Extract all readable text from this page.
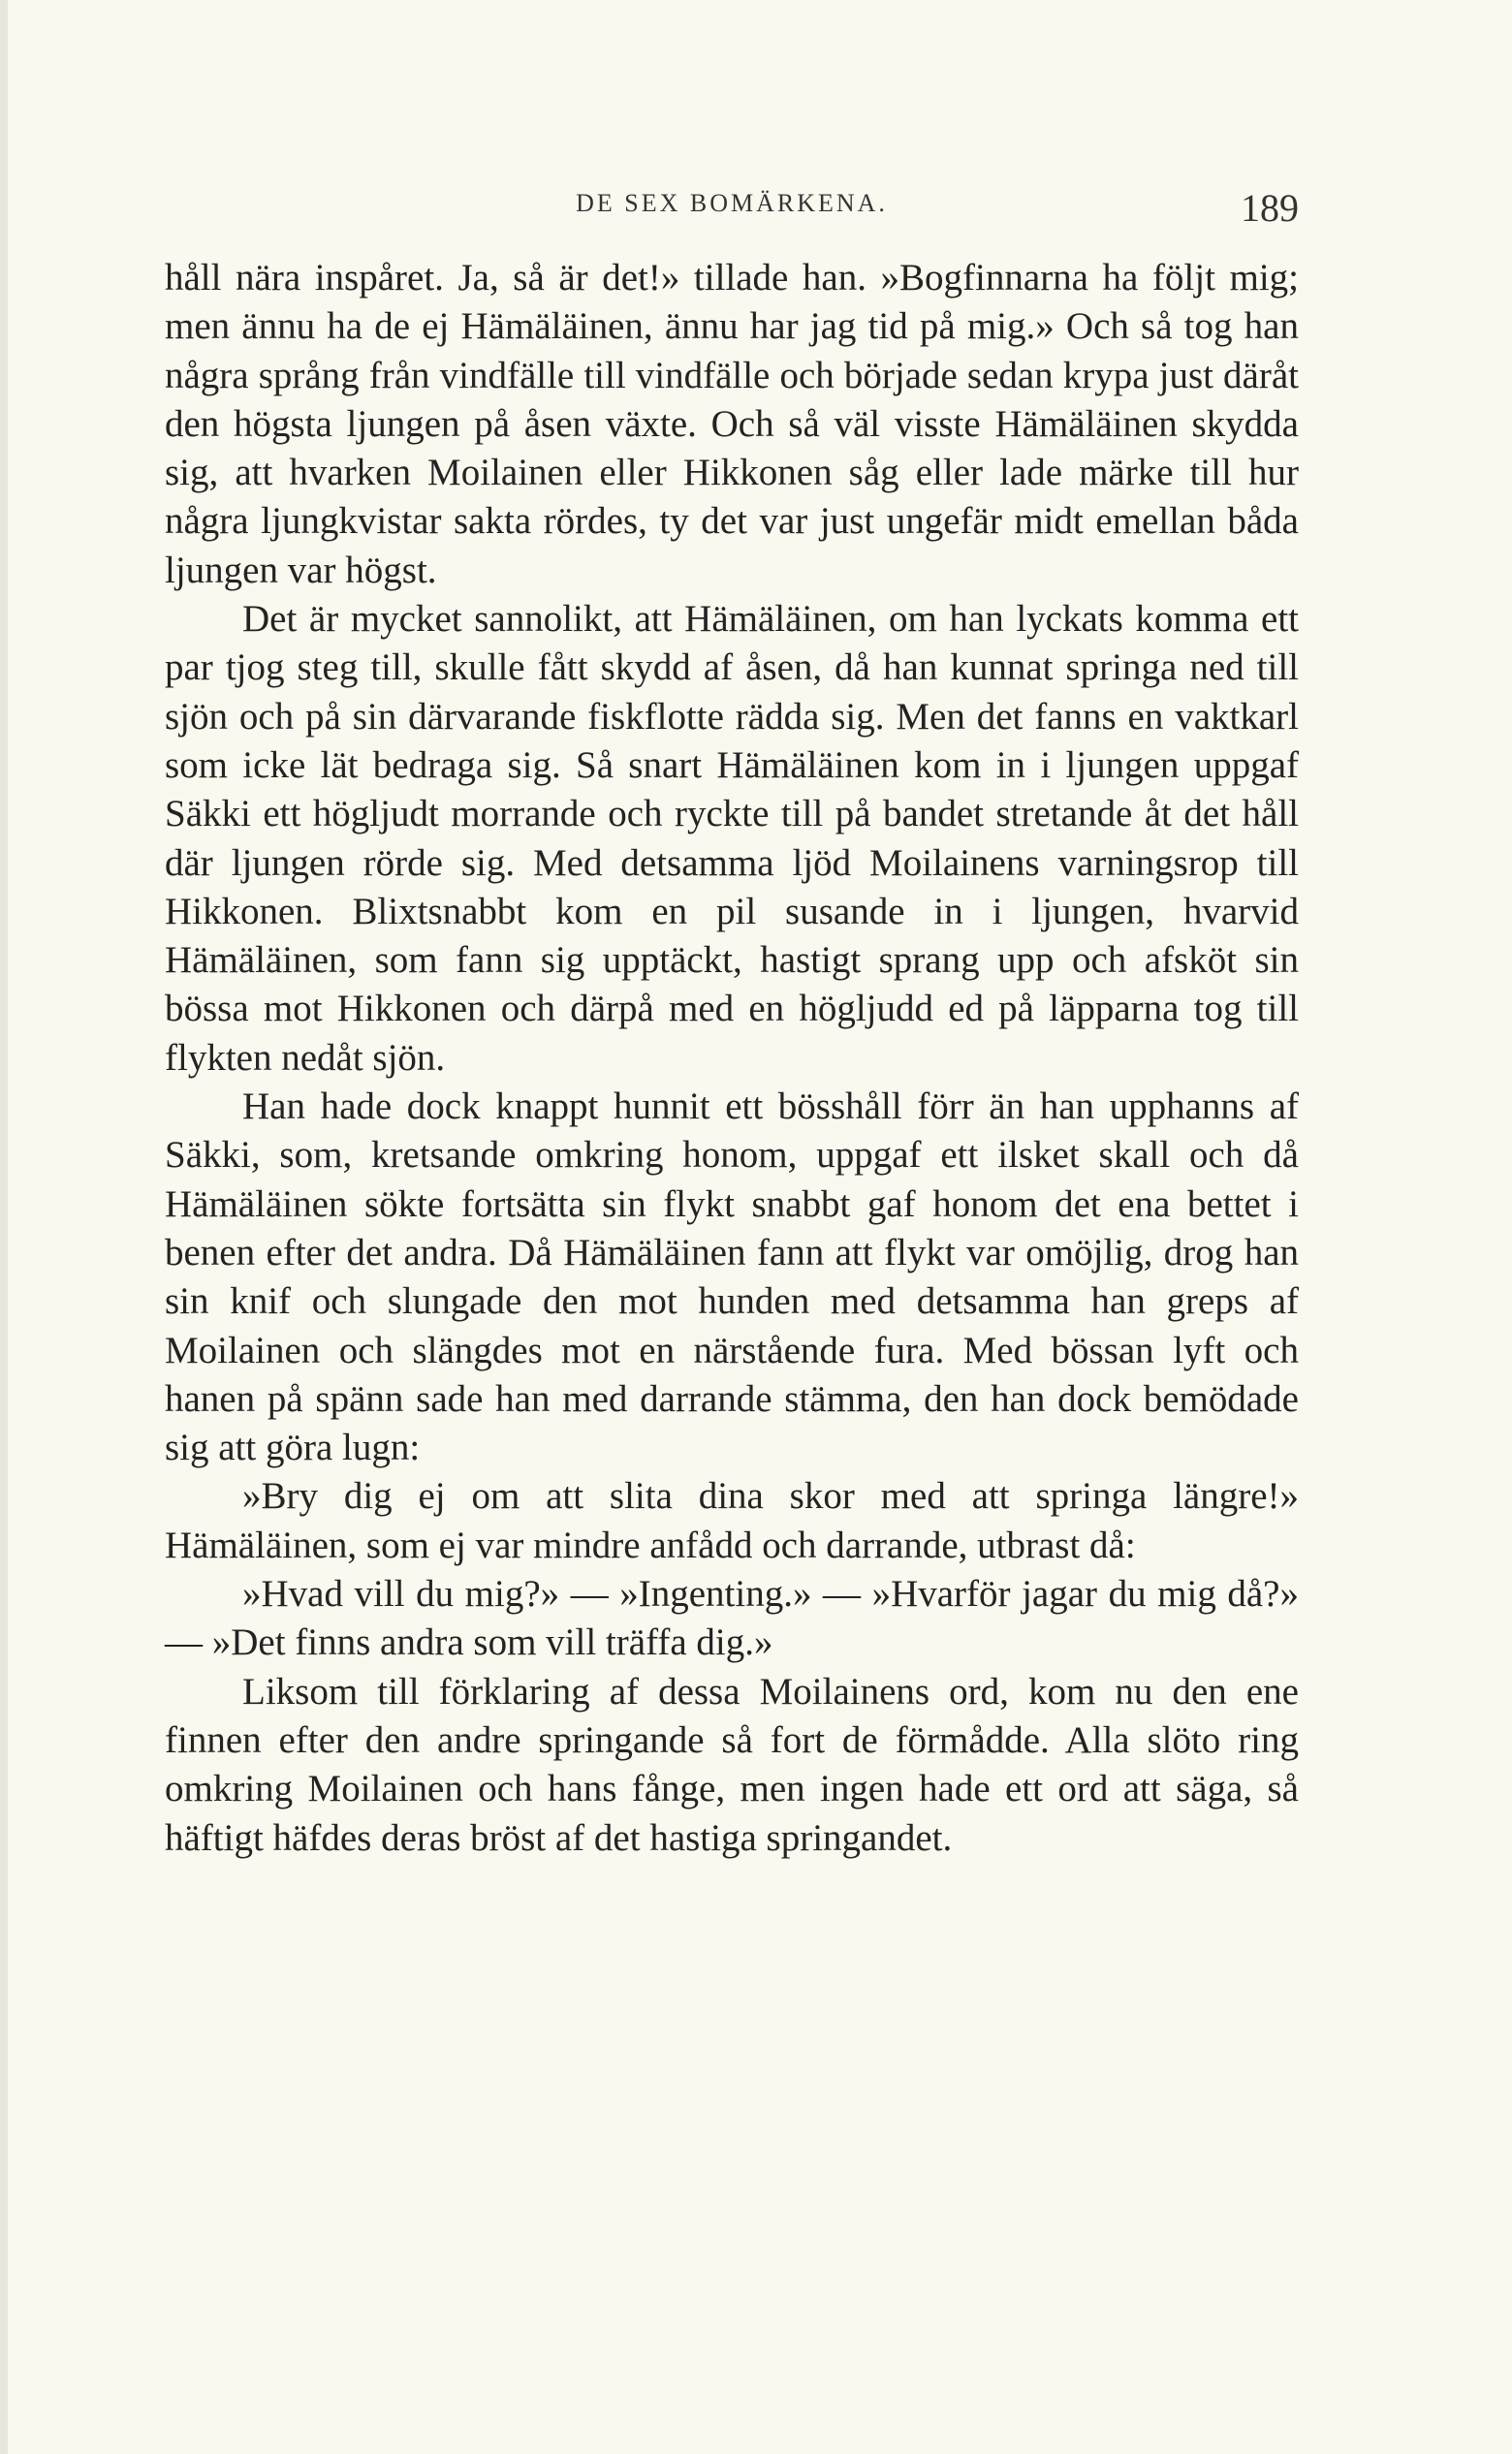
DE SEX BOMÄRKENA.	189

håll nära inspåret. Ja, så är det!» tillade han. »Bogfinnarna ha följt mig; men ännu ha de ej Hämäläinen, ännu har jag tid på mig.» Och så tog han några språng från vindfälle till vindfälle och började sedan krypa just däråt den högsta ljungen på åsen växte. Och så väl visste Hämäläinen skydda sig, att hvarken Moilainen eller Hikkonen såg eller lade märke till hur några ljungkvistar sakta rördes, ty det var just ungefär midt emellan båda ljungen var högst.

Det är mycket sannolikt, att Hämäläinen, om han lyckats komma ett par tjog steg till, skulle fått skydd af åsen, då han kunnat springa ned till sjön och på sin därvarande fiskflotte rädda sig. Men det fanns en vaktkarl som icke lät bedraga sig. Så snart Hämäläinen kom in i ljungen uppgaf Säkki ett högljudt morrande och ryckte till på bandet stretande åt det håll där ljungen rörde sig. Med detsamma ljöd Moilainens varningsrop till Hikkonen. Blixtsnabbt kom en pil susande in i ljungen, hvarvid Hämäläinen, som fann sig upptäckt, hastigt sprang upp och afsköt sin bössa mot Hikkonen och därpå med en högljudd ed på läpparna tog till flykten nedåt sjön.

Han hade dock knappt hunnit ett bösshåll förr än han upphanns af Säkki, som, kretsande omkring honom, uppgaf ett ilsket skall och då Hämäläinen sökte fortsätta sin flykt snabbt gaf honom det ena bettet i benen efter det andra. Då Hämäläinen fann att flykt var omöjlig, drog han sin knif och slungade den mot hunden med detsamma han greps af Moilainen och slängdes mot en närstående fura. Med bössan lyft och hanen på spänn sade han med darrande stämma, den han dock bemödade sig att göra lugn:

»Bry dig ej om att slita dina skor med att springa längre!» Hämäläinen, som ej var mindre anfådd och darrande, utbrast då:

»Hvad vill du mig?» — »Ingenting.» — »Hvarför jagar du mig då?» — »Det finns andra som vill träffa dig.»

Liksom till förklaring af dessa Moilainens ord, kom nu den ene finnen efter den andre springande så fort de förmådde. Alla slöto ring omkring Moilainen och hans fånge, men ingen hade ett ord att säga, så häftigt häfdes deras bröst af det hastiga springandet.
